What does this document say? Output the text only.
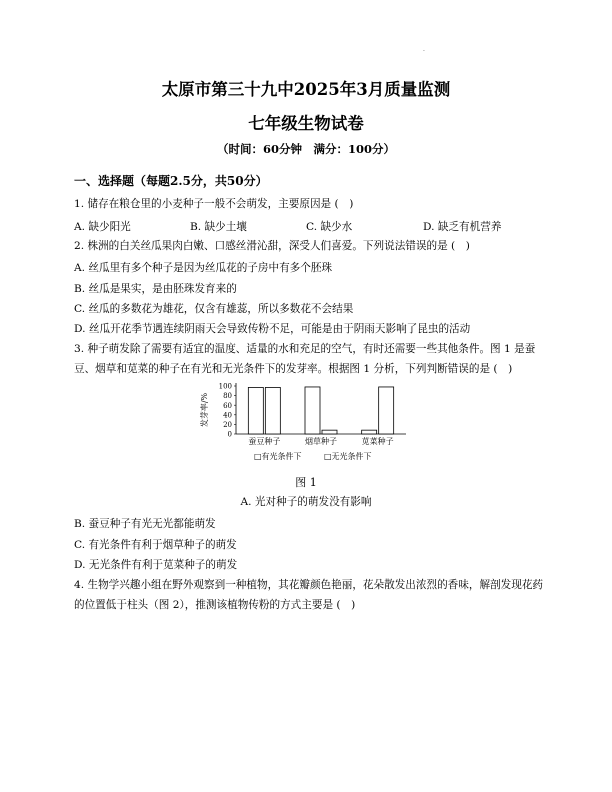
.
太原市第三十九中2025年3月质量监测
七年级生物试卷
（时间：60分钟　满分：100分）
一、选择题（每题2.5分，共50分）
1. 储存在粮仓里的小麦种子一般不会萌发，主要原因是 (　)
A. 缺少阳光	B. 缺少土壤	C. 缺少水	D. 缺乏有机营养
2. 株洲的白关丝瓜果肉白嫩、口感丝滑沁甜，深受人们喜爱。下列说法错误的是 (　)
A. 丝瓜里有多个种子是因为丝瓜花的子房中有多个胚珠
B. 丝瓜是果实，是由胚珠发育来的
C. 丝瓜的多数花为雄花，仅含有雄蕊，所以多数花不会结果
D. 丝瓜开花季节遇连续阴雨天会导致传粉不足，可能是由于阴雨天影响了昆虫的活动
3. 种子萌发除了需要有适宜的温度、适量的水和充足的空气，有时还需要一些其他条件。图 1 是蚕
豆、烟草和苋菜的种子在有光和无光条件下的发芽率。根据图 1 分析，下列判断错误的是 (　)
发芽率/%
0
20
40
60
80
100
蚕豆种子	烟草种子	苋菜种子
□有光条件下	□无光条件下
图 1
A. 光对种子的萌发没有影响
B. 蚕豆种子有光无光都能萌发
C. 有光条件有利于烟草种子的萌发
D. 无光条件有利于苋菜种子的萌发
4. 生物学兴趣小组在野外观察到一种植物，其花瓣颜色艳丽，花朵散发出浓烈的香味，解剖发现花药
的位置低于柱头（图 2），推测该植物传粉的方式主要是 (　)
